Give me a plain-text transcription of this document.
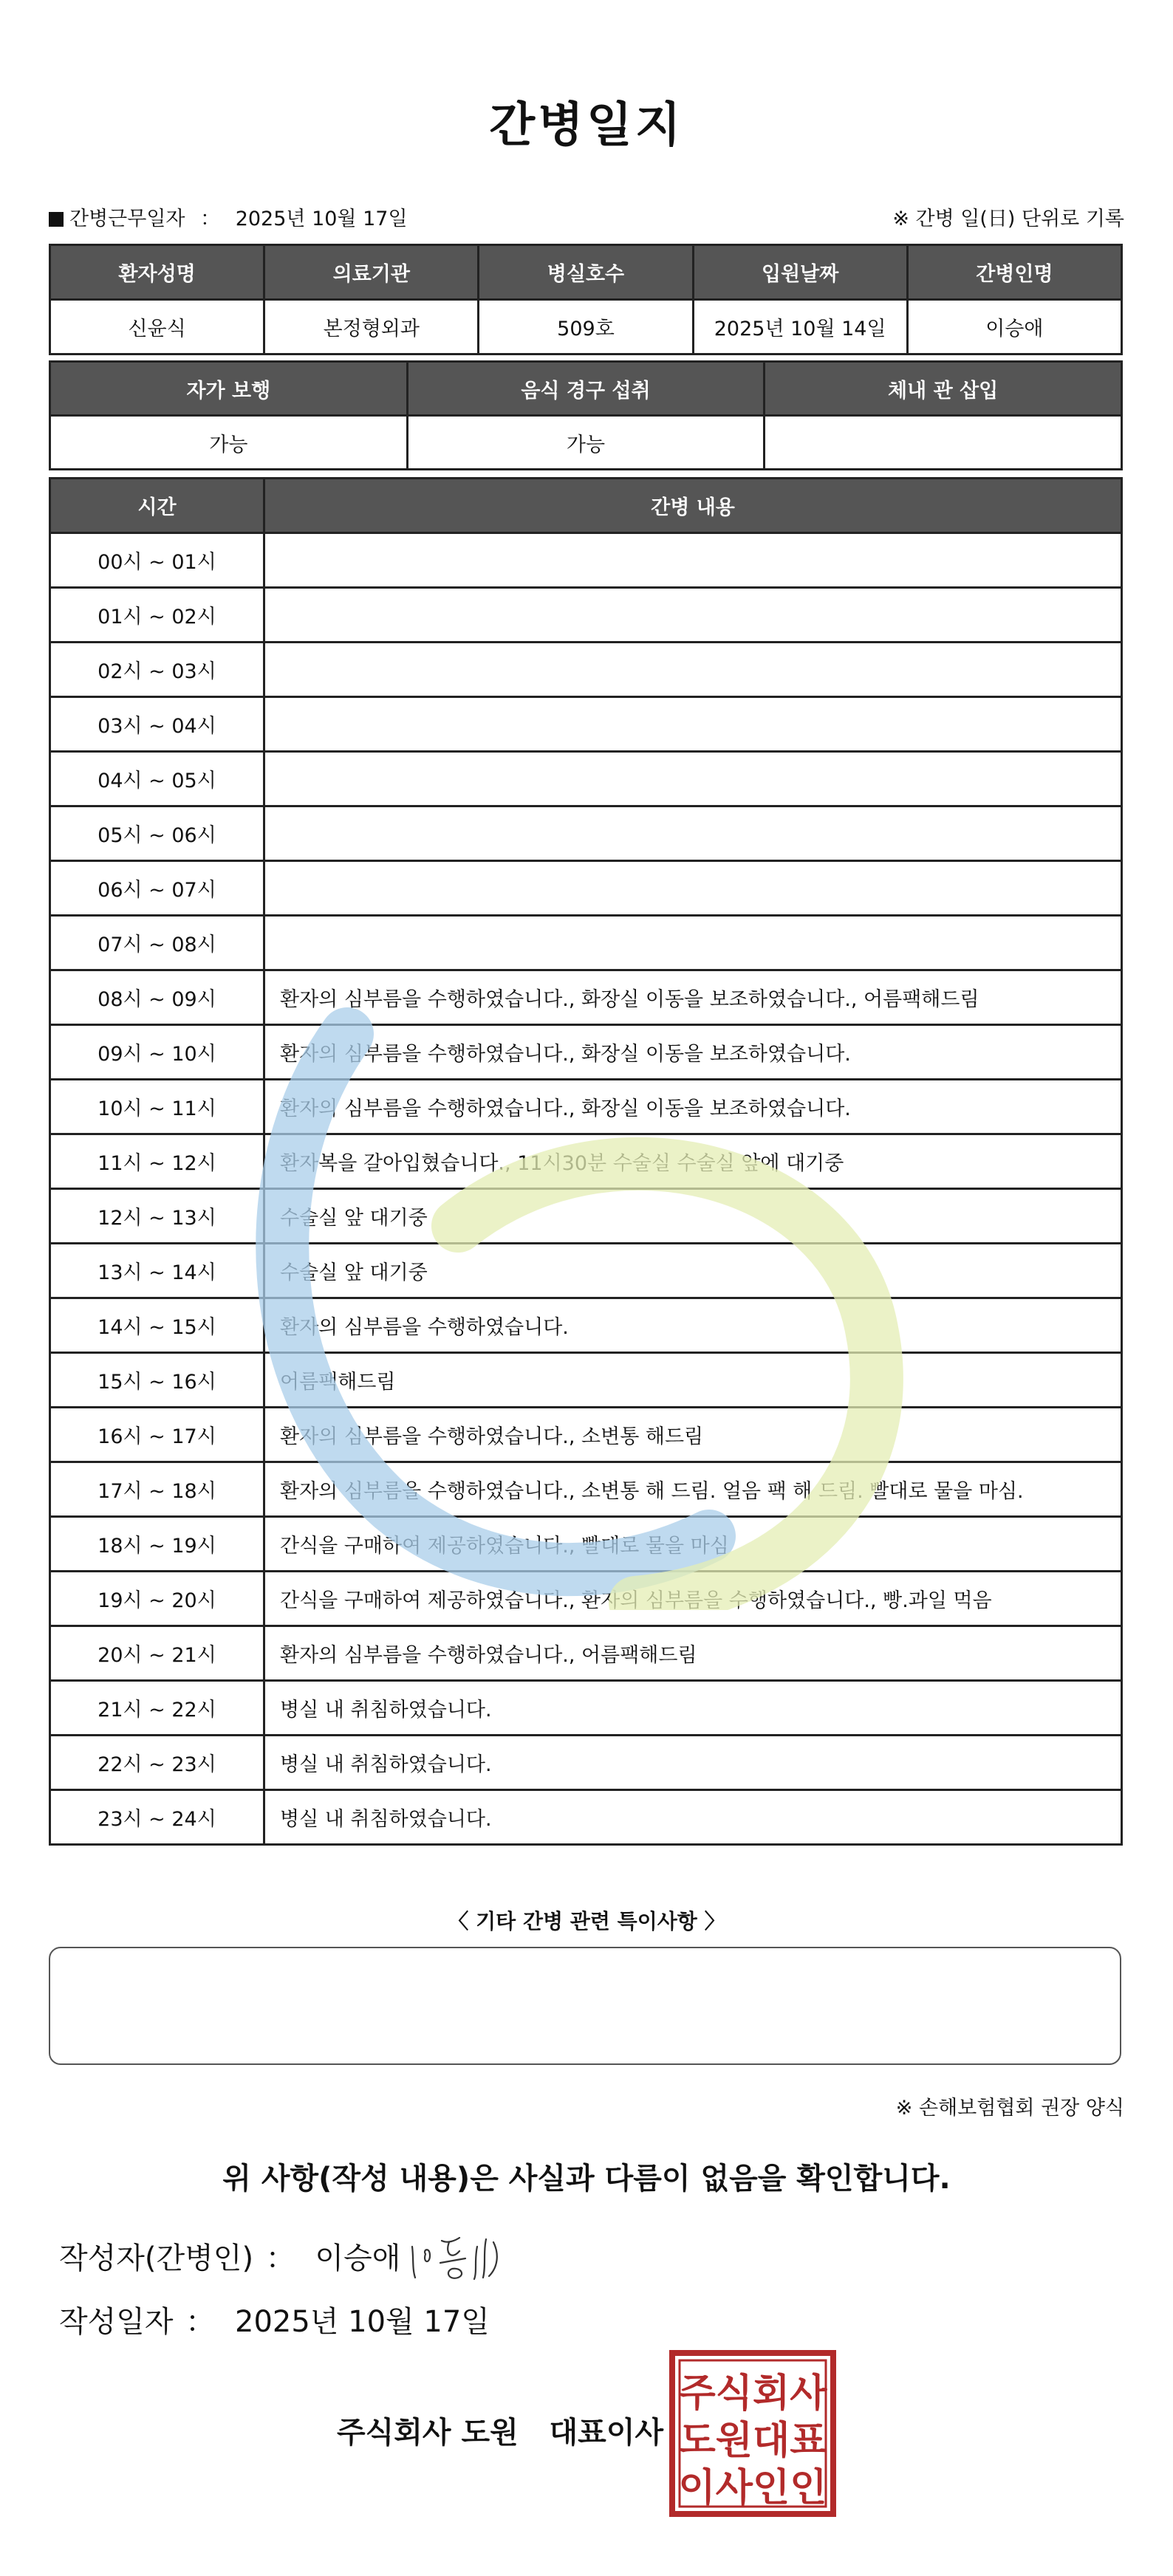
간병일지
간병근무일자 ： 2025년 10월 17일	※ 간병 일(日) 단위로 기록
환자성명	의료기관	병실호수	입원날짜	간병인명
신윤식	본정형외과	509호	2025년 10월 14일	이승애
자가 보행	음식 경구 섭취	체내 관 삽입
가능	가능	
시간	간병 내용
00시 ~ 01시	
01시 ~ 02시	
02시 ~ 03시	
03시 ~ 04시	
04시 ~ 05시	
05시 ~ 06시	
06시 ~ 07시	
07시 ~ 08시	
08시 ~ 09시	환자의 심부름을 수행하였습니다., 화장실 이동을 보조하였습니다., 어름팩해드림
09시 ~ 10시	환자의 심부름을 수행하였습니다., 화장실 이동을 보조하였습니다.
10시 ~ 11시	환자의 심부름을 수행하였습니다., 화장실 이동을 보조하였습니다.
11시 ~ 12시	환자복을 갈아입혔습니다., 11시30분 수술실 수술실 앞에 대기중
12시 ~ 13시	수술실 앞 대기중
13시 ~ 14시	수술실 앞 대기중
14시 ~ 15시	환자의 심부름을 수행하였습니다.
15시 ~ 16시	어름팩해드림
16시 ~ 17시	환자의 심부름을 수행하였습니다., 소변통 해드림
17시 ~ 18시	환자의 심부름을 수행하였습니다., 소변통 해 드림. 얼음 팩 해 드림. 빨대로 물을 마심.
18시 ~ 19시	간식을 구매하여 제공하였습니다., 빨대로 물을 마심
19시 ~ 20시	간식을 구매하여 제공하였습니다., 환자의 심부름을 수행하였습니다., 빵.과일 먹음
20시 ~ 21시	환자의 심부름을 수행하였습니다., 어름팩해드림
21시 ~ 22시	병실 내 취침하였습니다.
22시 ~ 23시	병실 내 취침하였습니다.
23시 ~ 24시	병실 내 취침하였습니다.
〈 기타 간병 관련 특이사항 〉
※ 손해보험협회 권장 양식
위 사항(작성 내용)은 사실과 다름이 없음을 확인합니다.
작성자(간병인) ： 이승애
작성일자 ： 2025년 10월 17일
주식회사 도원   대표이사
주식회사
도원대표
이사인인
